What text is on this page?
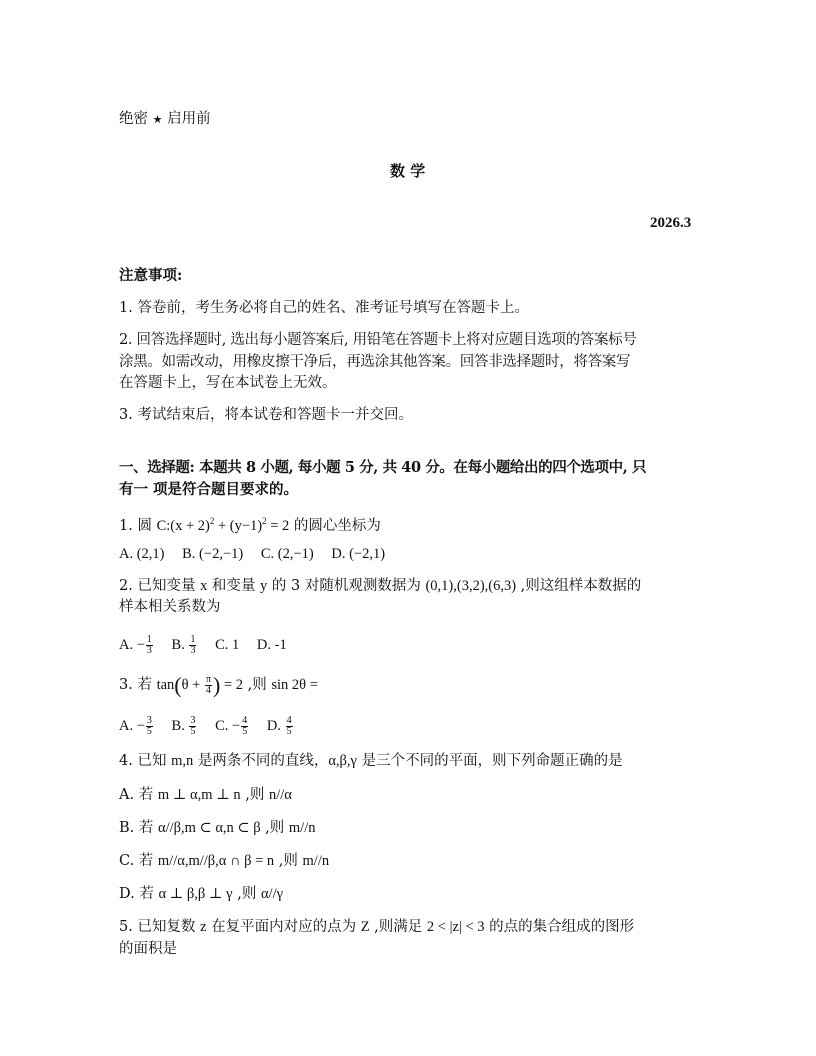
绝密 ★ 启用前
数 学
2026.3
注意事项:
1. 答卷前，考生务必将自己的姓名、准考证号填写在答题卡上。
2. 回答选择题时, 选出每小题答案后, 用铅笔在答题卡上将对应题目选项的答案标号
涂黑。如需改动，用橡皮擦干净后，再选涂其他答案。回答非选择题时，将答案写
在答题卡上，写在本试卷上无效。
3. 考试结束后，将本试卷和答题卡一并交回。
一、选择题: 本题共 8 小题, 每小题 5 分, 共 40 分。在每小题给出的四个选项中, 只
有一 项是符合题目要求的。
1. 圆 C:(x + $2)^2 + (y-1)^2 = 2$ 的圆心坐标为
A. (2,1) B. (−2,−1) C. (2,−1) D. (−2,1)
2. 已知变量 x 和变量 y 的 3 对随机观测数据为 (0,1),(3,2),(6,3) ,则这组样本数据的
样本相关系数为
A. − $\frac{1}{3} B$. $\frac{1}{3} C$. 1 D. -1
3. 若 $\tan(\theta + \frac{\pi}{4}$ ) = 2 ,则 sin 2θ =
A. − $\frac{3}{5} B$. $\frac{3}{5} C$. − $\frac{4}{5} D$. $\frac{4}{5}$
4. 已知 m,n 是两条不同的直线，α,β,γ 是三个不同的平面，则下列命题正确的是
A. 若 m ⊥ α,m ⊥ n ,则 n//α
B. 若 α//β,m ⊂ α,n ⊂ β ,则 m//n
C. 若 m//α,m//β,α ∩ β = n ,则 m//n
D. 若 α ⊥ β,β ⊥ γ ,则 α//γ
5. 已知复数 z 在复平面内对应的点为 Z ,则满足 2 < |z| < 3 的点的集合组成的图形
的面积是
